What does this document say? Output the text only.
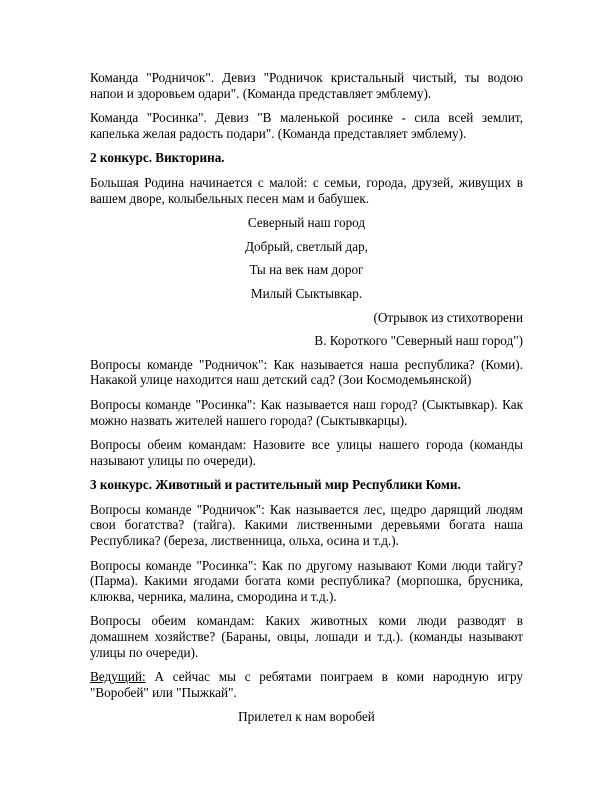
Команда "Родничок". Девиз "Родничок кристальный чистый, ты водою напои и здоровьем одари". (Команда представляет эмблему).

Команда "Росинка". Девиз "В маленькой росинке - сила всей землит, капелька желая радость подари". (Команда представляет эмблему).

2 конкурс. Викторина.

Большая Родина начинается с малой: с семьи, города, друзей, живущих в вашем дворе, колыбельных песен мам и бабушек.

Северный наш город

Добрый, светлый дар,

Ты на век нам дорог

Милый Сыктывкар.

(Отрывок из стихотворени

В. Короткого "Северный наш город")

Вопросы команде "Родничок": Как называется наша республика? (Коми). Накакой улице находится наш детский сад? (Зои Космодемьянской)

Вопросы команде "Росинка": Как называется наш город? (Сыктывкар). Как можно назвать жителей нашего города? (Сыктывкарцы).

Вопросы обеим командам: Назовите все улицы нашего города (команды называют улицы по очереди).

3 конкурс. Животный и растительный мир Республики Коми.

Вопросы команде "Родничок": Как называется лес, щедро дарящий людям свои богатства? (тайга). Какими лиственными деревьями богата наша Республика? (береза, лиственница, ольха, осина и т.д.).

Вопросы команде "Росинка": Как по другому называют Коми люди тайгу? (Парма). Какими ягодами богата коми республика? (морпошка, брусника, клюква, черника, малина, смородина и т.д.).

Вопросы обеим командам: Каких животных коми люди разводят в домашнем хозяйстве? (Бараны, овцы, лошади и т.д.). (команды называют улицы по очереди).

Ведущий: А сейчас мы с ребятами поиграем в коми народную игру "Воробей" или "Пыжкай".

Прилетел к нам воробей
